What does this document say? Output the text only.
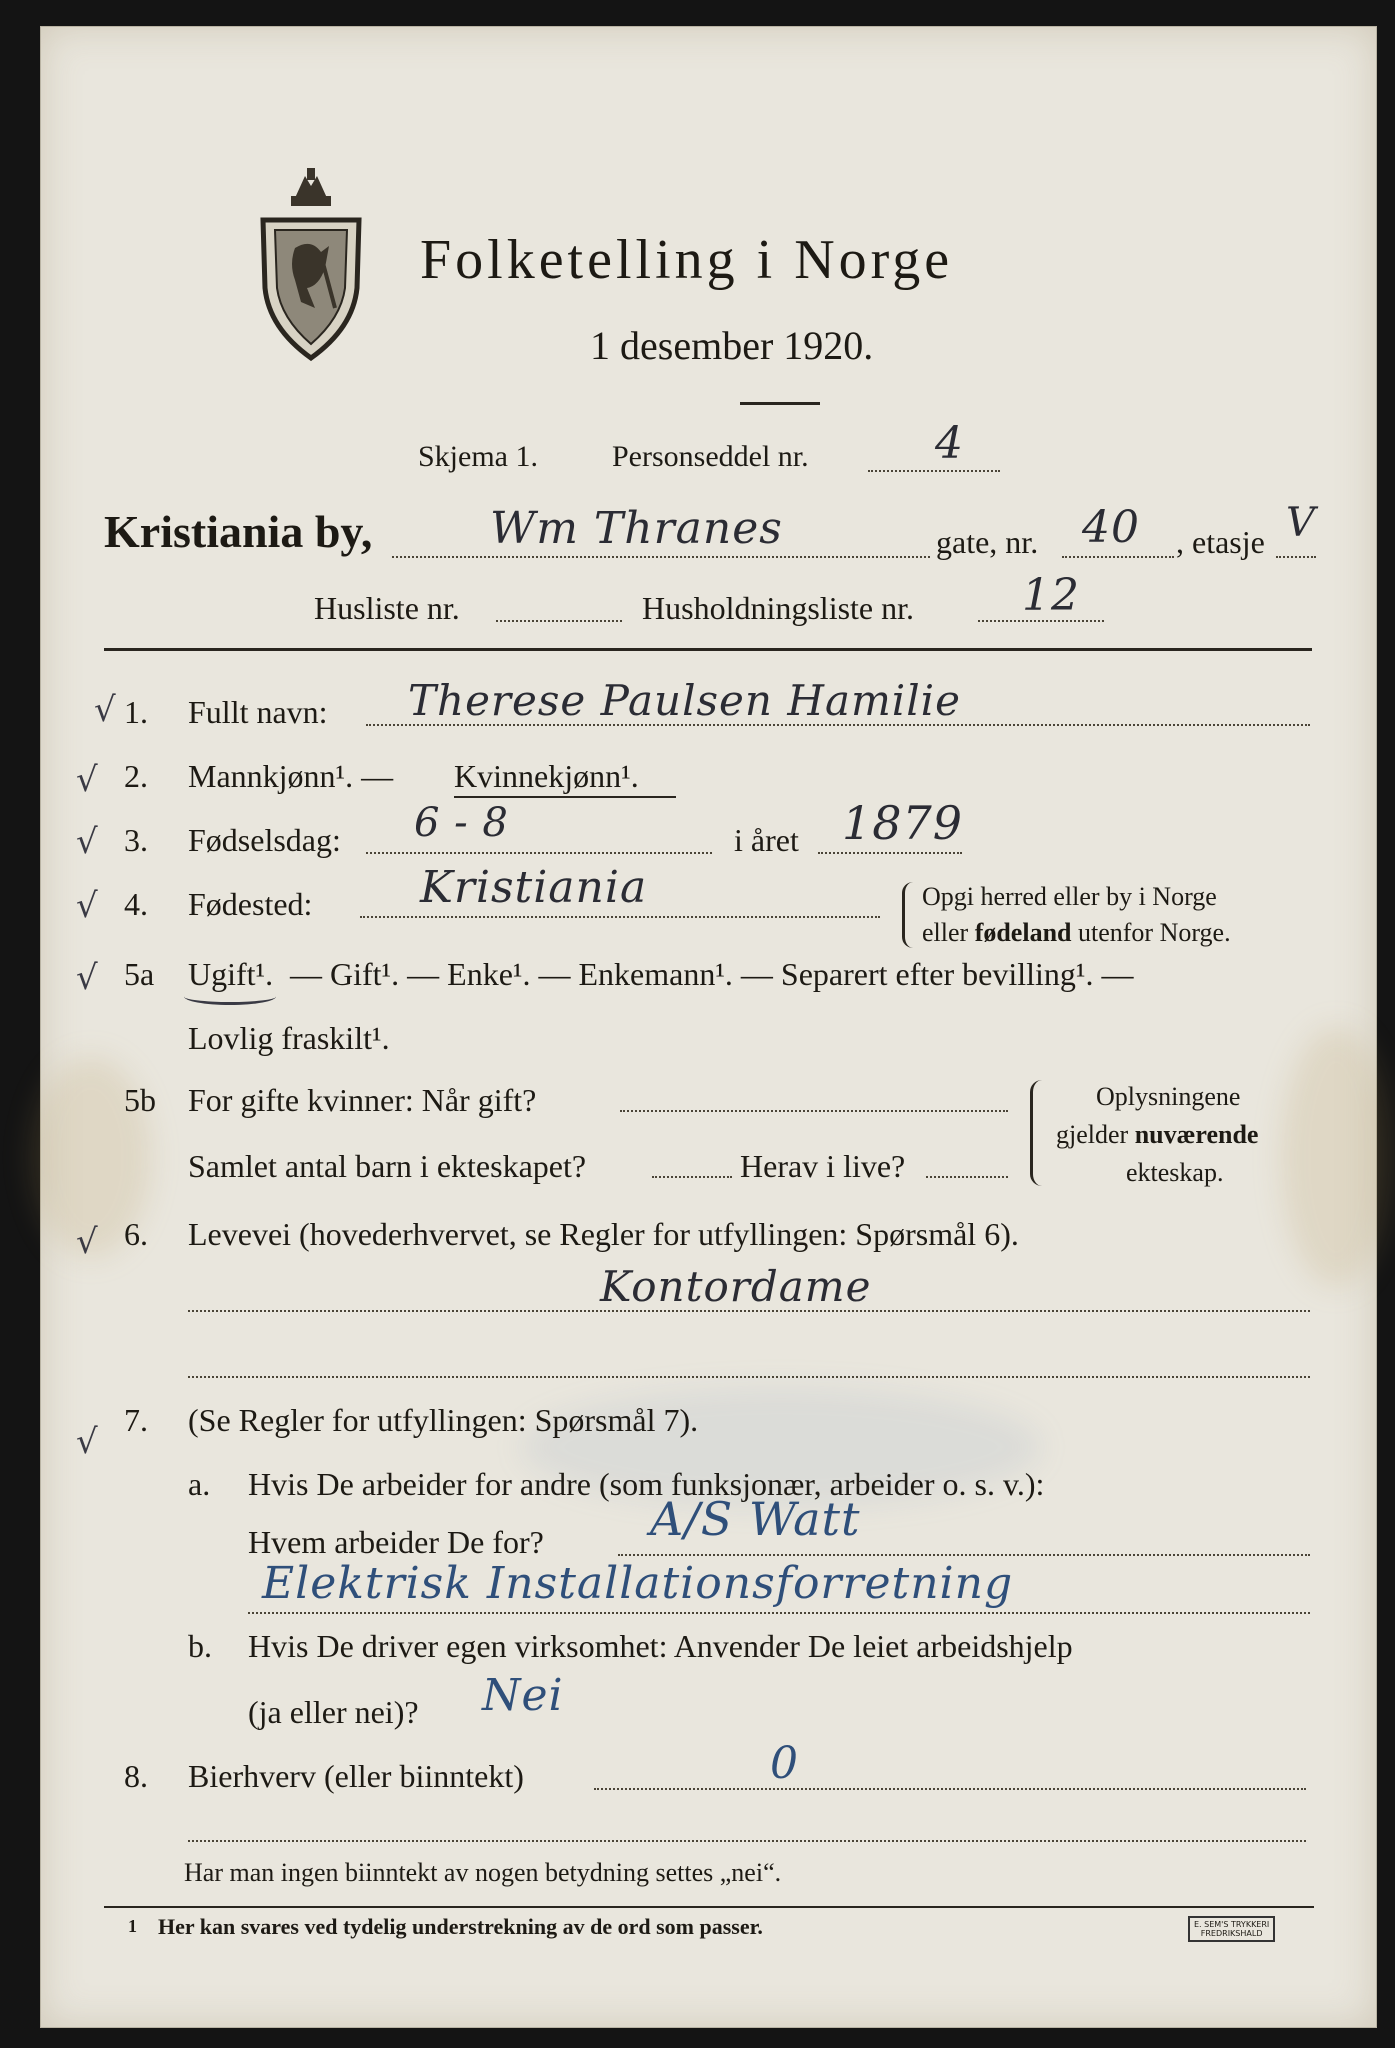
Folketelling i Norge
1 desember 1920.
Skjema 1. Personseddel nr.	4
Kristiania by,	Wm Thranes	gate, nr. 40 , etasje V
Husliste nr.	Husholdningsliste nr. 12
√
√
√
√
√
√
√
1. Fullt navn: Therese Paulsen Hamilie
2. Mannkjønn¹. — Kvinnekjønn¹.
3. Fødselsdag: 6 - 8	i året 1879
4. Fødested: Kristiania	Opgi herred eller by i Norge
eller fødeland utenfor Norge.
5a Ugift¹. — Gift¹. — Enke¹. — Enkemann¹. — Separert efter bevilling¹. —
Lovlig fraskilt¹.
5b For gifte kvinner: Når gift?
Samlet antal barn i ekteskapet?	Herav i live?
Oplysningene
gjelder nuværende
ekteskap.
6. Levevei (hovederhvervet, se Regler for utfyllingen: Spørsmål 6).
Kontordame
7. (Se Regler for utfyllingen: Spørsmål 7).
a. Hvis De arbeider for andre (som funksjonær, arbeider o. s. v.):
Hvem arbeider De for? A/S Watt
Elektrisk Installationsforretning
b. Hvis De driver egen virksomhet: Anvender De leiet arbeidshjelp
(ja eller nei)? Nei
8. Bierhverv (eller biinntekt)	0
Har man ingen biinntekt av nogen betydning settes „nei“.
1 Her kan svares ved tydelig understrekning av de ord som passer.	E. SEM'S TRYKKERI
FREDRIKSHALD
